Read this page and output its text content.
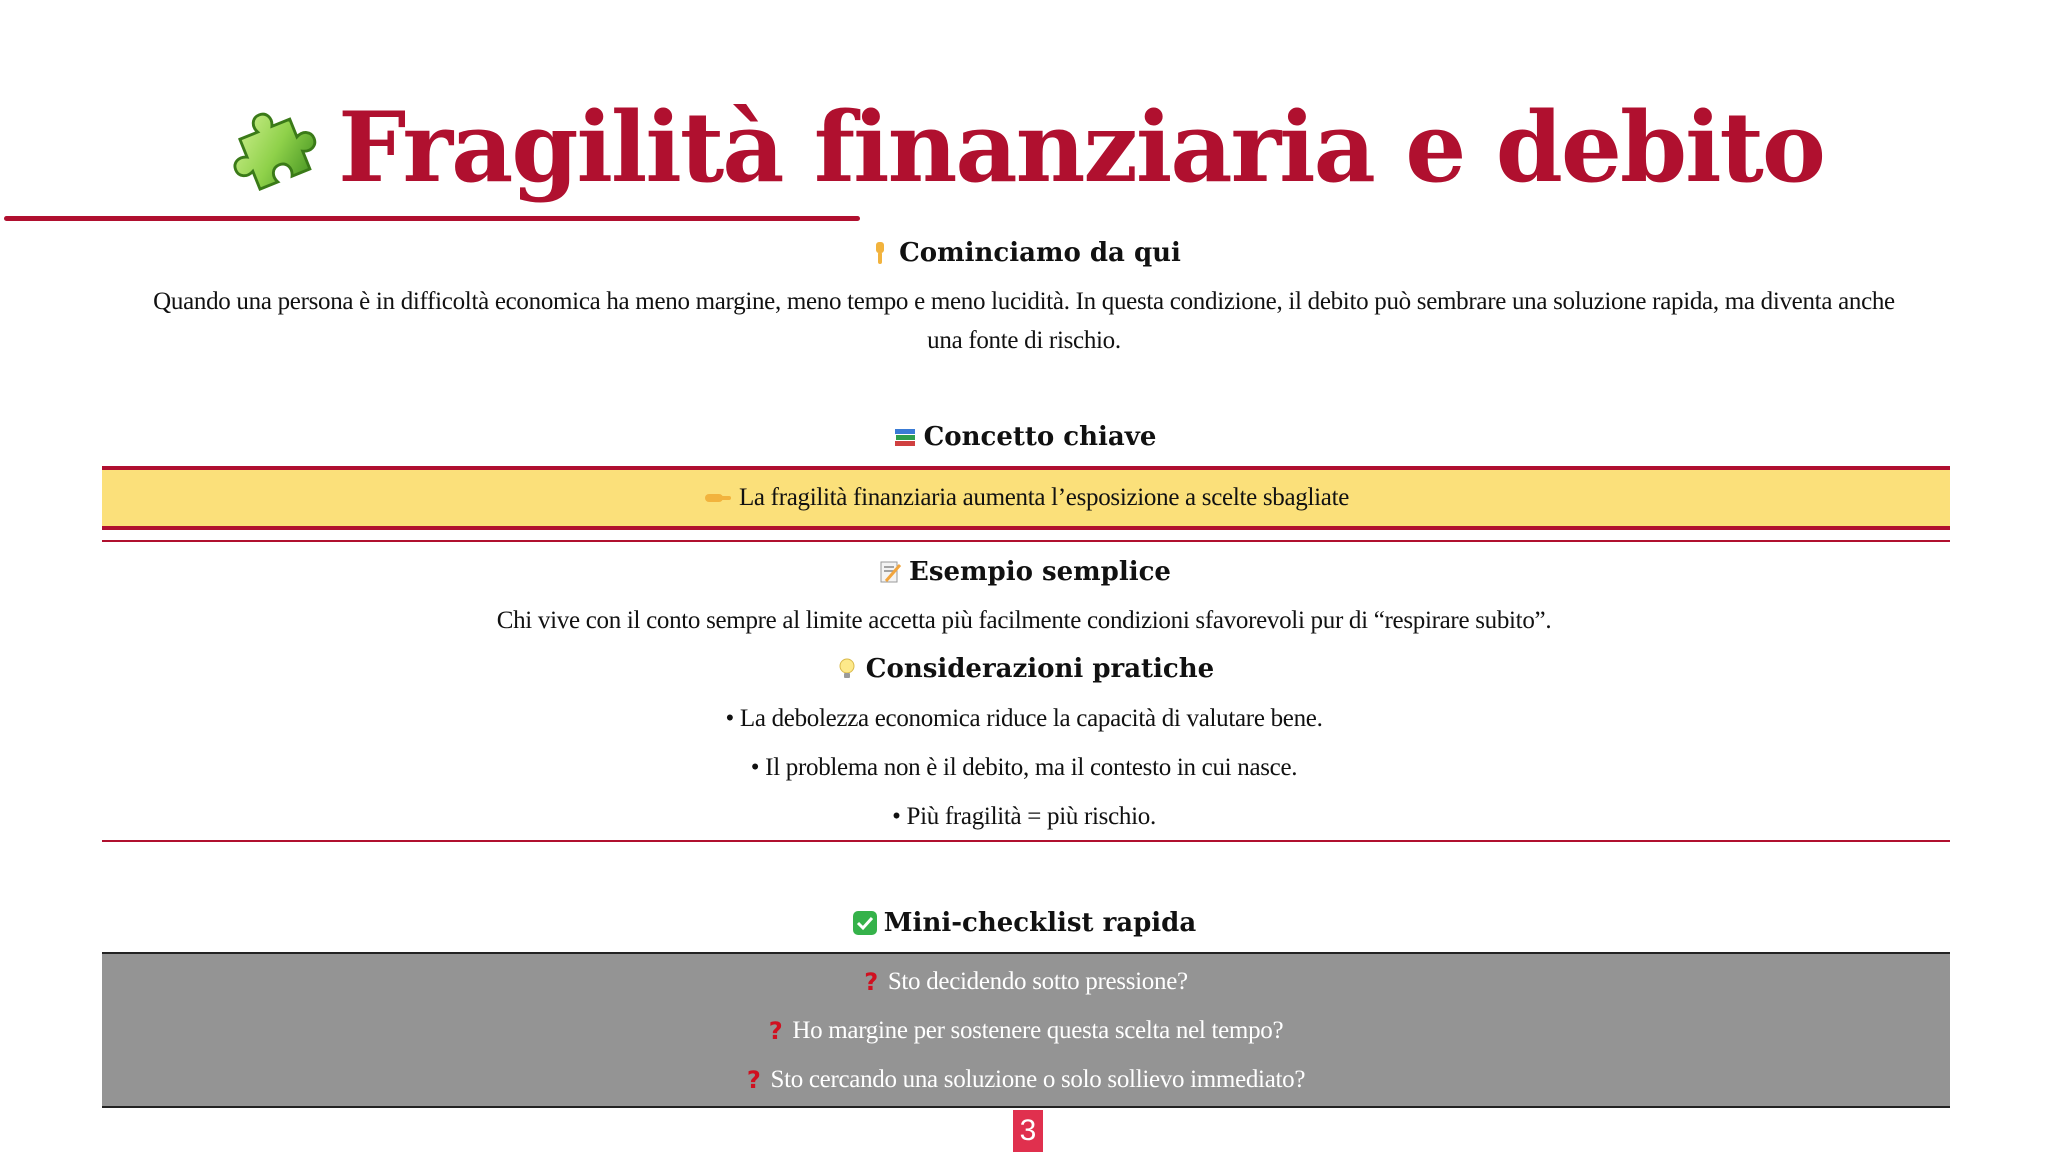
Fragilità finanziaria e debito
Cominciamo da qui
Quando una persona è in difficoltà economica ha meno margine, meno tempo e meno lucidità. In questa condizione, il debito può sembrare una soluzione rapida, ma diventa anche una fonte di rischio.
Concetto chiave
La fragilità finanziaria aumenta l’esposizione a scelte sbagliate
Esempio semplice
Chi vive con il conto sempre al limite accetta più facilmente condizioni sfavorevoli pur di “respirare subito”.
Considerazioni pratiche
• La debolezza economica riduce la capacità di valutare bene.
• Il problema non è il debito, ma il contesto in cui nasce.
• Più fragilità = più rischio.
Mini-checklist rapida
? Sto decidendo sotto pressione?
? Ho margine per sostenere questa scelta nel tempo?
? Sto cercando una soluzione o solo sollievo immediato?
3
